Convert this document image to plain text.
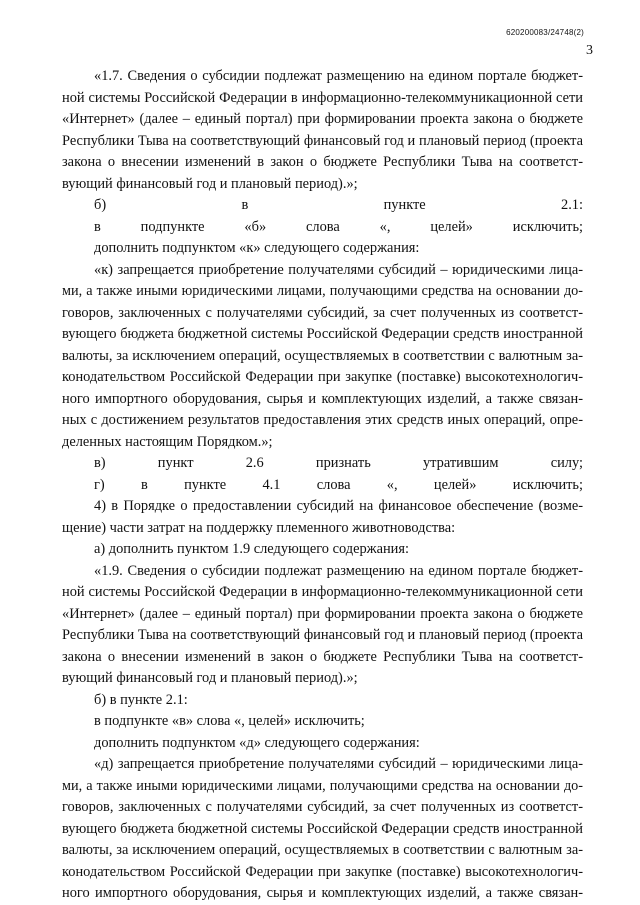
620200083/24748(2)
3

«1.7. Сведения о субсидии подлежат размещению на едином портале бюджет-

ной системы Российской Федерации в информационно-телекоммуникационной сети

«Интернет» (далее – единый портал) при формировании проекта закона о бюджете

Республики Тыва на соответствующий финансовый год и плановый период (проекта

закона о внесении изменений в закон о бюджете Республики Тыва на соответст-

вующий финансовый год и плановый период).»;

б) в пункте 2.1:

в подпункте «б» слова «, целей» исключить;

дополнить подпунктом «к» следующего содержания:

«к) запрещается приобретение получателями субсидий – юридическими лица-

ми, а также иными юридическими лицами, получающими средства на основании до-

говоров, заключенных с получателями субсидий, за счет полученных из соответст-

вующего бюджета бюджетной системы Российской Федерации средств иностранной

валюты, за исключением операций, осуществляемых в соответствии с валютным за-

конодательством Российской Федерации при закупке (поставке) высокотехнологич-

ного импортного оборудования, сырья и комплектующих изделий, а также связан-

ных с достижением результатов предоставления этих средств иных операций, опре-

деленных настоящим Порядком.»;

в) пункт 2.6 признать утратившим силу;

г) в пункте 4.1 слова «, целей» исключить;

4) в Порядке о предоставлении субсидий на финансовое обеспечение (возме-

щение) части затрат на поддержку племенного животноводства:

а) дополнить пунктом 1.9 следующего содержания:

«1.9. Сведения о субсидии подлежат размещению на едином портале бюджет-

ной системы Российской Федерации в информационно-телекоммуникационной сети

«Интернет» (далее – единый портал) при формировании проекта закона о бюджете

Республики Тыва на соответствующий финансовый год и плановый период (проекта

закона о внесении изменений в закон о бюджете Республики Тыва на соответст-

вующий финансовый год и плановый период).»;

б) в пункте 2.1:

в подпункте «в» слова «, целей» исключить;

дополнить подпунктом «д» следующего содержания:

«д) запрещается приобретение получателями субсидий – юридическими лица-

ми, а также иными юридическими лицами, получающими средства на основании до-

говоров, заключенных с получателями субсидий, за счет полученных из соответст-

вующего бюджета бюджетной системы Российской Федерации средств иностранной

валюты, за исключением операций, осуществляемых в соответствии с валютным за-

конодательством Российской Федерации при закупке (поставке) высокотехнологич-

ного импортного оборудования, сырья и комплектующих изделий, а также связан-
